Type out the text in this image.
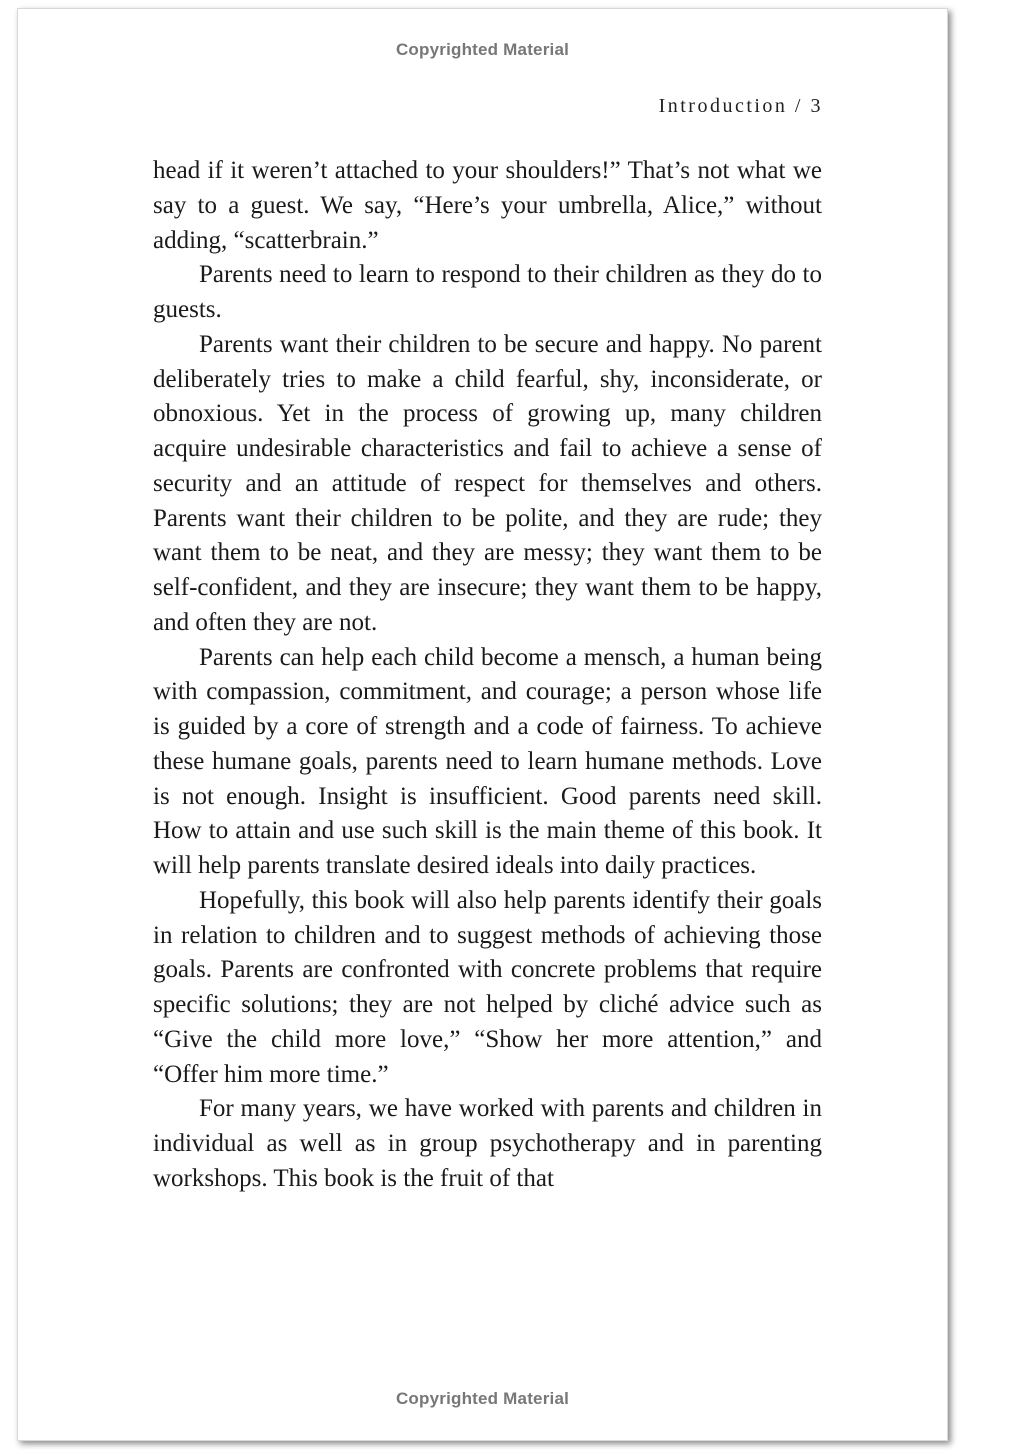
Copyrighted Material
Introduction / 3

head if it weren’t attached to your shoulders!” That’s not what we say to a guest. We say, “Here’s your umbrella, Alice,” without adding, “scatterbrain.”

Parents need to learn to respond to their children as they do to guests.

Parents want their children to be secure and happy. No parent deliberately tries to make a child fearful, shy, inconsiderate, or obnoxious. Yet in the process of growing up, many children acquire undesirable characteristics and fail to achieve a sense of security and an attitude of respect for themselves and others. Parents want their children to be polite, and they are rude; they want them to be neat, and they are messy; they want them to be self-confident, and they are insecure; they want them to be happy, and often they are not.

Parents can help each child become a mensch, a human being with compassion, commitment, and courage; a person whose life is guided by a core of strength and a code of fairness. To achieve these humane goals, parents need to learn humane methods. Love is not enough. Insight is insufficient. Good parents need skill. How to attain and use such skill is the main theme of this book. It will help parents translate desired ideals into daily practices.

Hopefully, this book will also help parents identify their goals in relation to children and to suggest methods of achieving those goals. Parents are confronted with concrete problems that require specific solutions; they are not helped by cliché advice such as “Give the child more love,” “Show her more attention,” and “Offer him more time.”

For many years, we have worked with parents and children in individual as well as in group psychotherapy and in parenting workshops. This book is the fruit of that

Copyrighted Material
